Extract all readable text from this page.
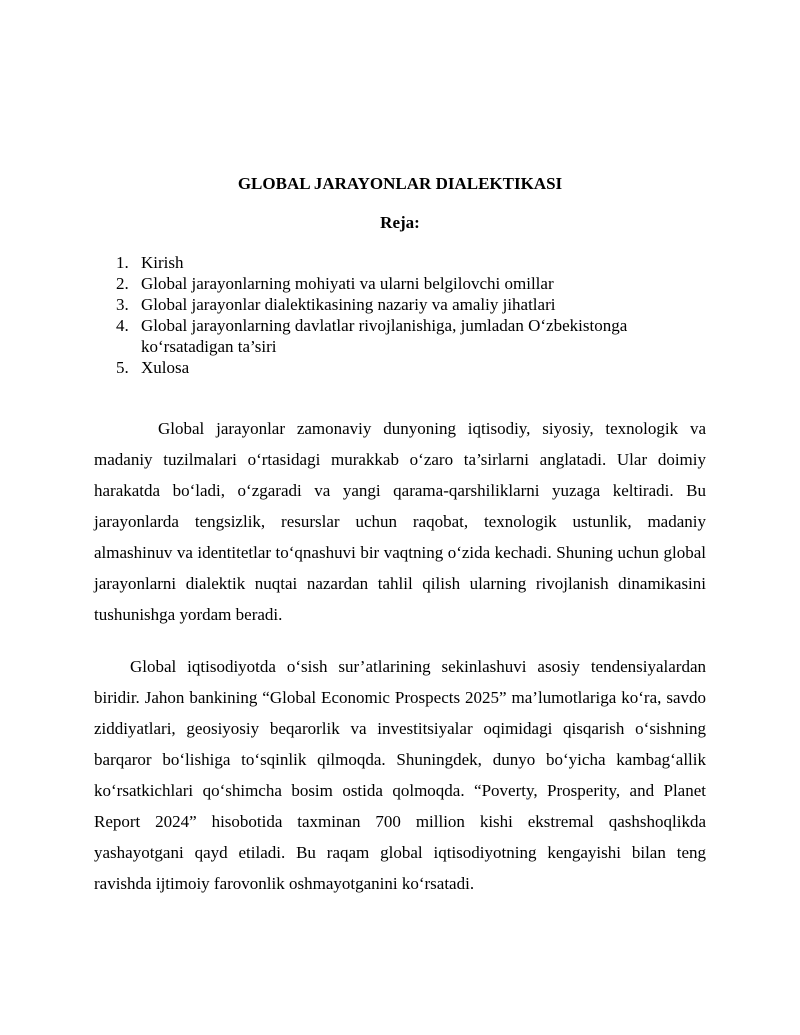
GLOBAL JARAYONLAR DIALEKTIKASI
Reja:
1. Kirish
2. Global jarayonlarning mohiyati va ularni belgilovchi omillar
3. Global jarayonlar dialektikasining nazariy va amaliy jihatlari
4. Global jarayonlarning davlatlar rivojlanishiga, jumladan O‘zbekistonga ko‘rsatadigan ta’siri
5. Xulosa

Global jarayonlar zamonaviy dunyoning iqtisodiy, siyosiy, texnologik va madaniy tuzilmalari o‘rtasidagi murakkab o‘zaro ta’sirlarni anglatadi. Ular doimiy harakatda bo‘ladi, o‘zgaradi va yangi qarama-qarshiliklarni yuzaga keltiradi. Bu jarayonlarda tengsizlik, resurslar uchun raqobat, texnologik ustunlik, madaniy almashinuv va identitetlar to‘qnashuvi bir vaqtning o‘zida kechadi. Shuning uchun global jarayonlarni dialektik nuqtai nazardan tahlil qilish ularning rivojlanish dinamikasini tushunishga yordam beradi.

Global iqtisodiyotda o‘sish sur’atlarining sekinlashuvi asosiy tendensiyalardan biridir. Jahon bankining “Global Economic Prospects 2025” ma’lumotlariga ko‘ra, savdo ziddiyatlari, geosiyosiy beqarorlik va investitsiyalar oqimidagi qisqarish o‘sishning barqaror bo‘lishiga to‘sqinlik qilmoqda. Shuningdek, dunyo bo‘yicha kambag‘allik ko‘rsatkichlari qo‘shimcha bosim ostida qolmoqda. “Poverty, Prosperity, and Planet Report 2024” hisobotida taxminan 700 million kishi ekstremal qashshoqlikda yashayotgani qayd etiladi. Bu raqam global iqtisodiyotning kengayishi bilan teng ravishda ijtimoiy farovonlik oshmayotganini ko‘rsatadi.
